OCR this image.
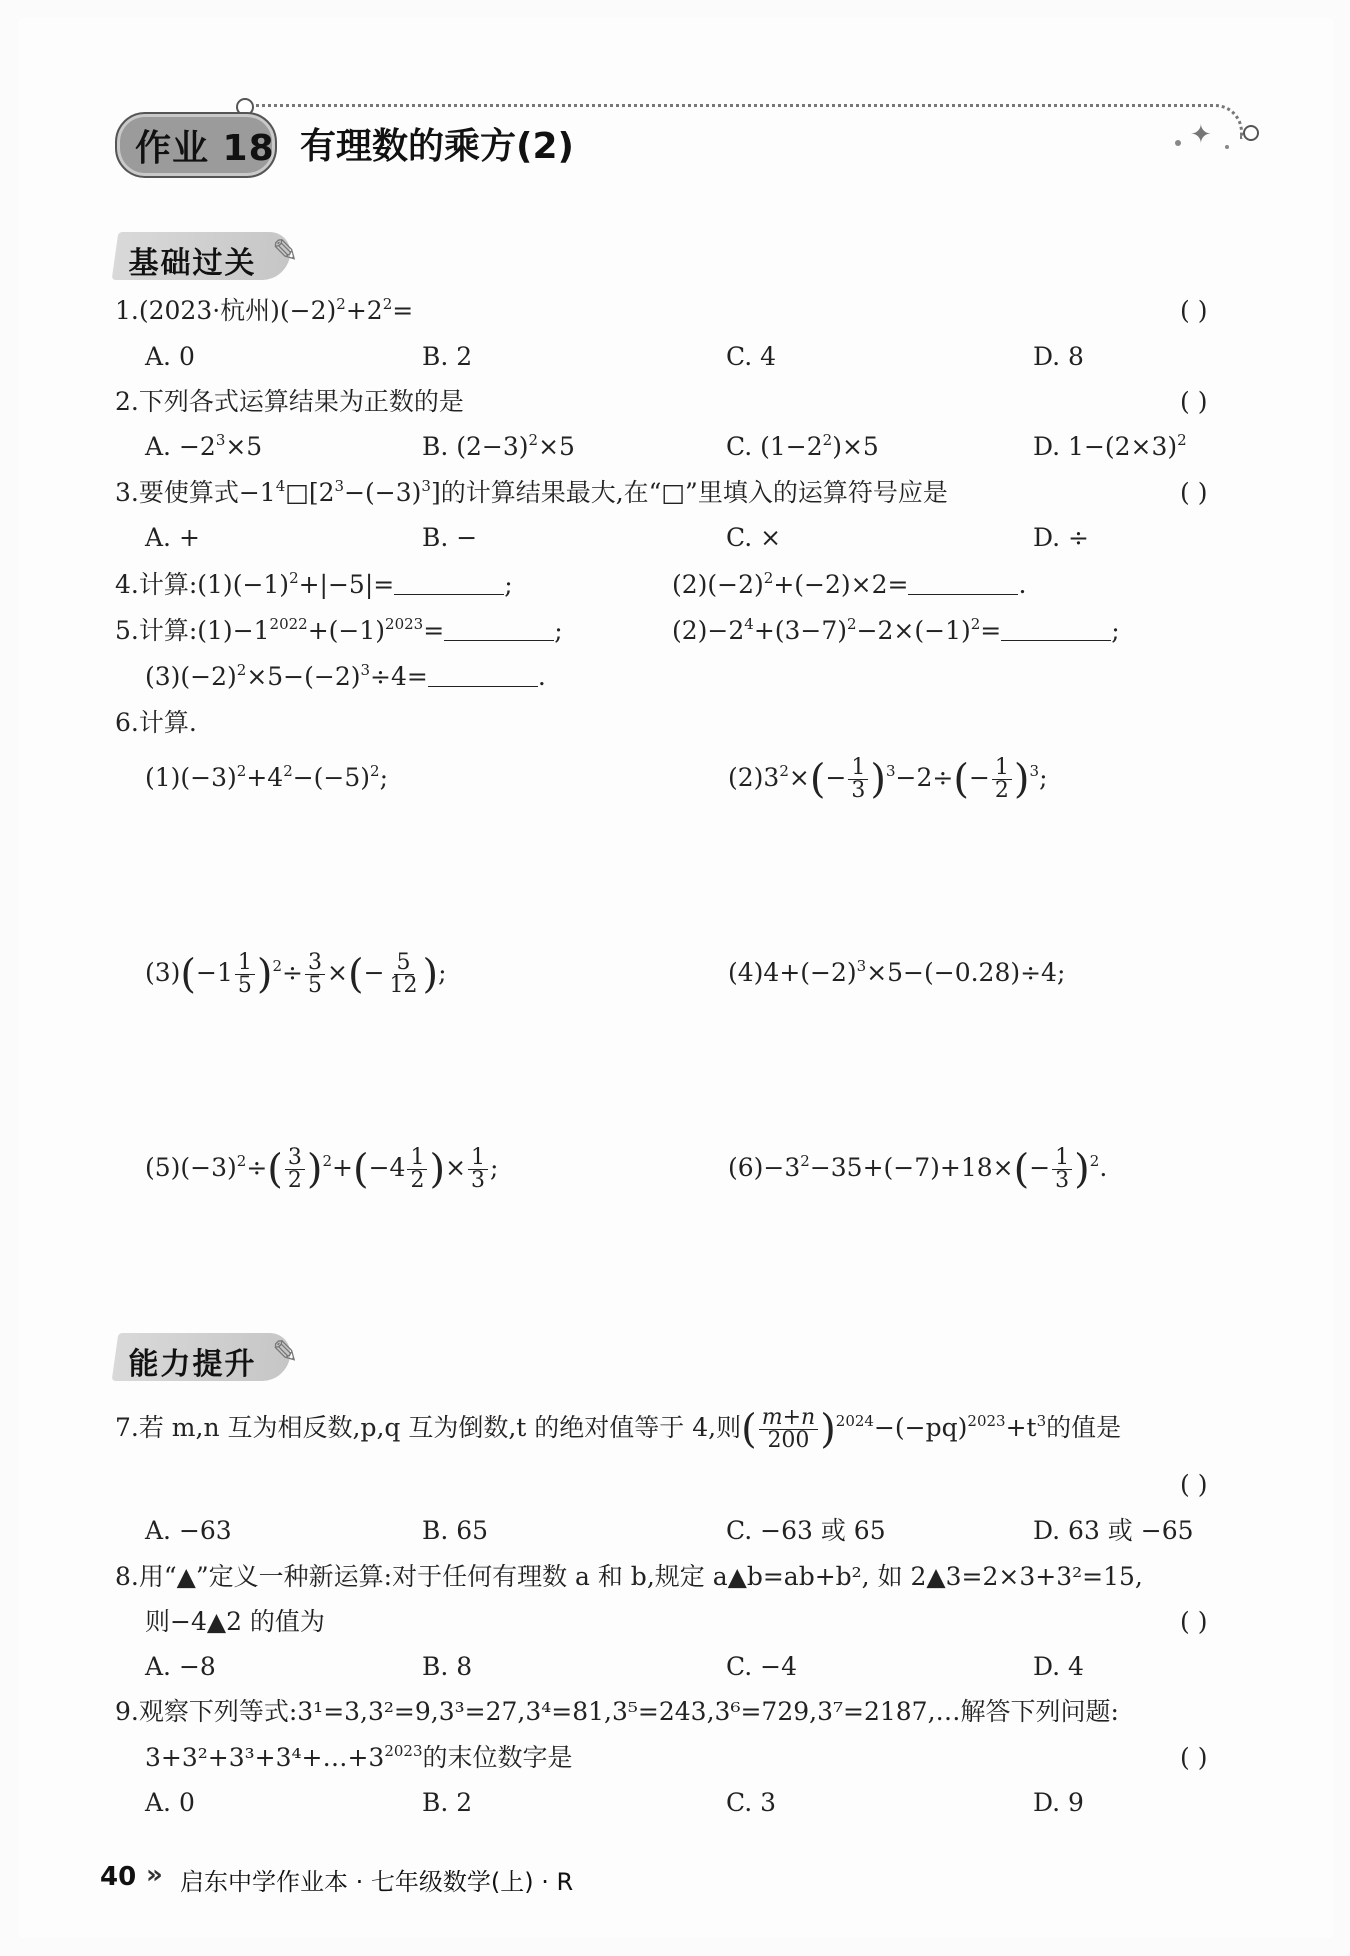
✦
作业 18 有理数的乘方(2)
基础过关 ✎
1.(2023·杭州)$(-2)^2+2^2=$	( )
A. 0	B. 2	C. 4	D. 8
2.下列各式运算结果为正数的是	( )
A. $-2^3\times 5$	B. $(2-3)^2\times 5$	C. $(1-2^2)\times 5$	D. $1-(2\times 3)^2$
3.要使算式$-1^4□[2^3-(-3)^3]$的计算结果最大,在“□”里填入的运算符号应是	( )
A. +	B. −	C. ×	D. ÷
4.计算$:(1)(-1)^2+|-5|=$	;	$(2)(-2)^2+(-2)\times 2=$	.
5.计算$:(1)-1^{2022}+(-1)^{2023}=$	;	$(2)-2^4+(3-7)^2-2\times(-1)^2=$	;
$(3)(-2)^2\times 5-(-2)^3\div 4=$	.
6.计算.
$(1)(-3)^2+4^2-(-5)^2$;	$(2)3^2\times(- \frac{1}{3} )^3-2\div(- \frac{1}{2} )^3$;
$(3)(-1 \frac{1}{5} )^2\div \frac{3}{5}$ ×(− $\frac{5}{12}$ );	$(4)4+(-2)^3\times 5-(-0.28)\div 4$;
$(5)(-3)^2\div( \frac{3}{2} )^2+(-4 \frac{1}{2}$ )× $\frac{1}{3}$ ;	$(6)-3^2-35+(-7)+18\times(- \frac{1}{3} )^2$.
能力提升 ✎
7.若 m,n 互为相反数,p,q 互为倒数,t 的绝对值等于 4,则( $\frac{m+n}{200} )^{2024}-(-pq)^{2023}+t^3$的值是
( )
A. −63	B. 65	C. −63 或 65	D. 63 或 −65
8.用“▲”定义一种新运算:对于任何有理数 a 和 b,规定 a▲b=ab+b², 如 2▲3=2×3+3²=15,
则−4▲2 的值为	( )
A. −8	B. 8	C. −4	D. 4
9.观察下列等式:3¹=3,3²=9,3³=27,3⁴=81,3⁵=243,3⁶=729,3⁷=2187,…解答下列问题:
$3+3^2+3^3+3^4+\dots+3^{2023}$的末位数字是	( )
A. 0	B. 2	C. 3	D. 9
40 » 启东中学作业本 · 七年级数学(上) · R
